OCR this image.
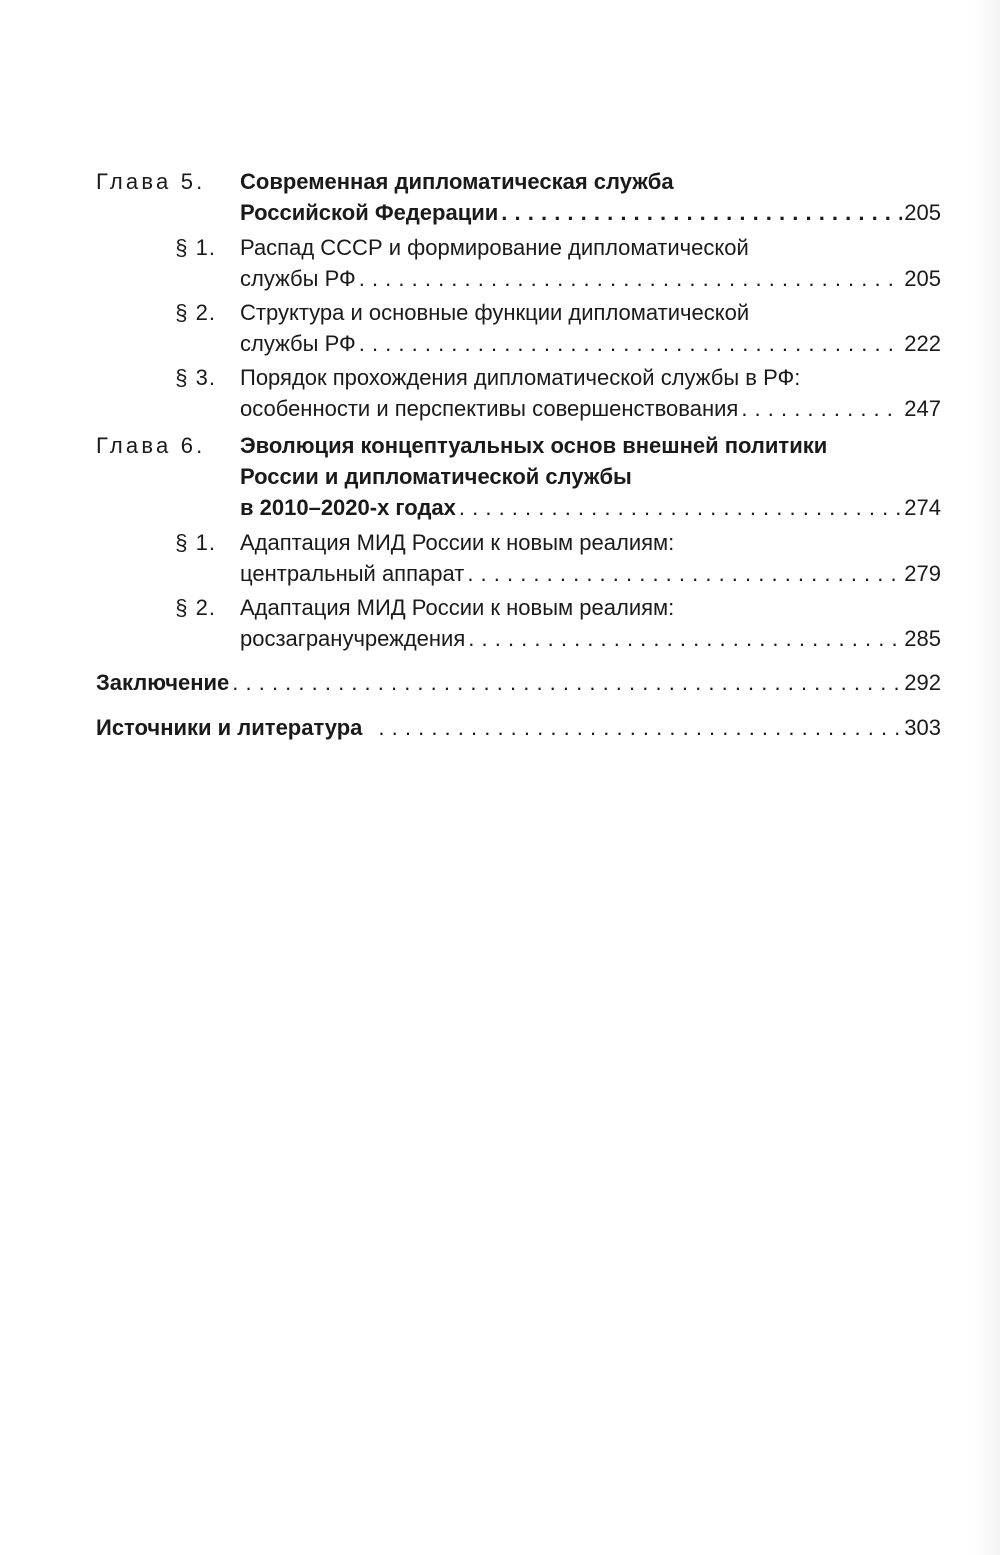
Глава 5.	Современная дипломатическая служба
Российской Федерации . . .	205
§ 1.	Распад СССР и формирование дипломатической
службы РФ . . .	205
§ 2.	Структура и основные функции дипломатической
службы РФ . . .	222
§ 3.	Порядок прохождения дипломатической службы в РФ:
особенности и перспективы совершенствования . . .	247
Глава 6.	Эволюция концептуальных основ внешней политики
России и дипломатической службы
в 2010–2020-х годах . . .	274
§ 1.	Адаптация МИД России к новым реалиям:
центральный аппарат . . .	279
§ 2.	Адаптация МИД России к новым реалиям:
росзагранучреждения . . .	285
Заключение . . .	292
Источники и литература . . .	303
